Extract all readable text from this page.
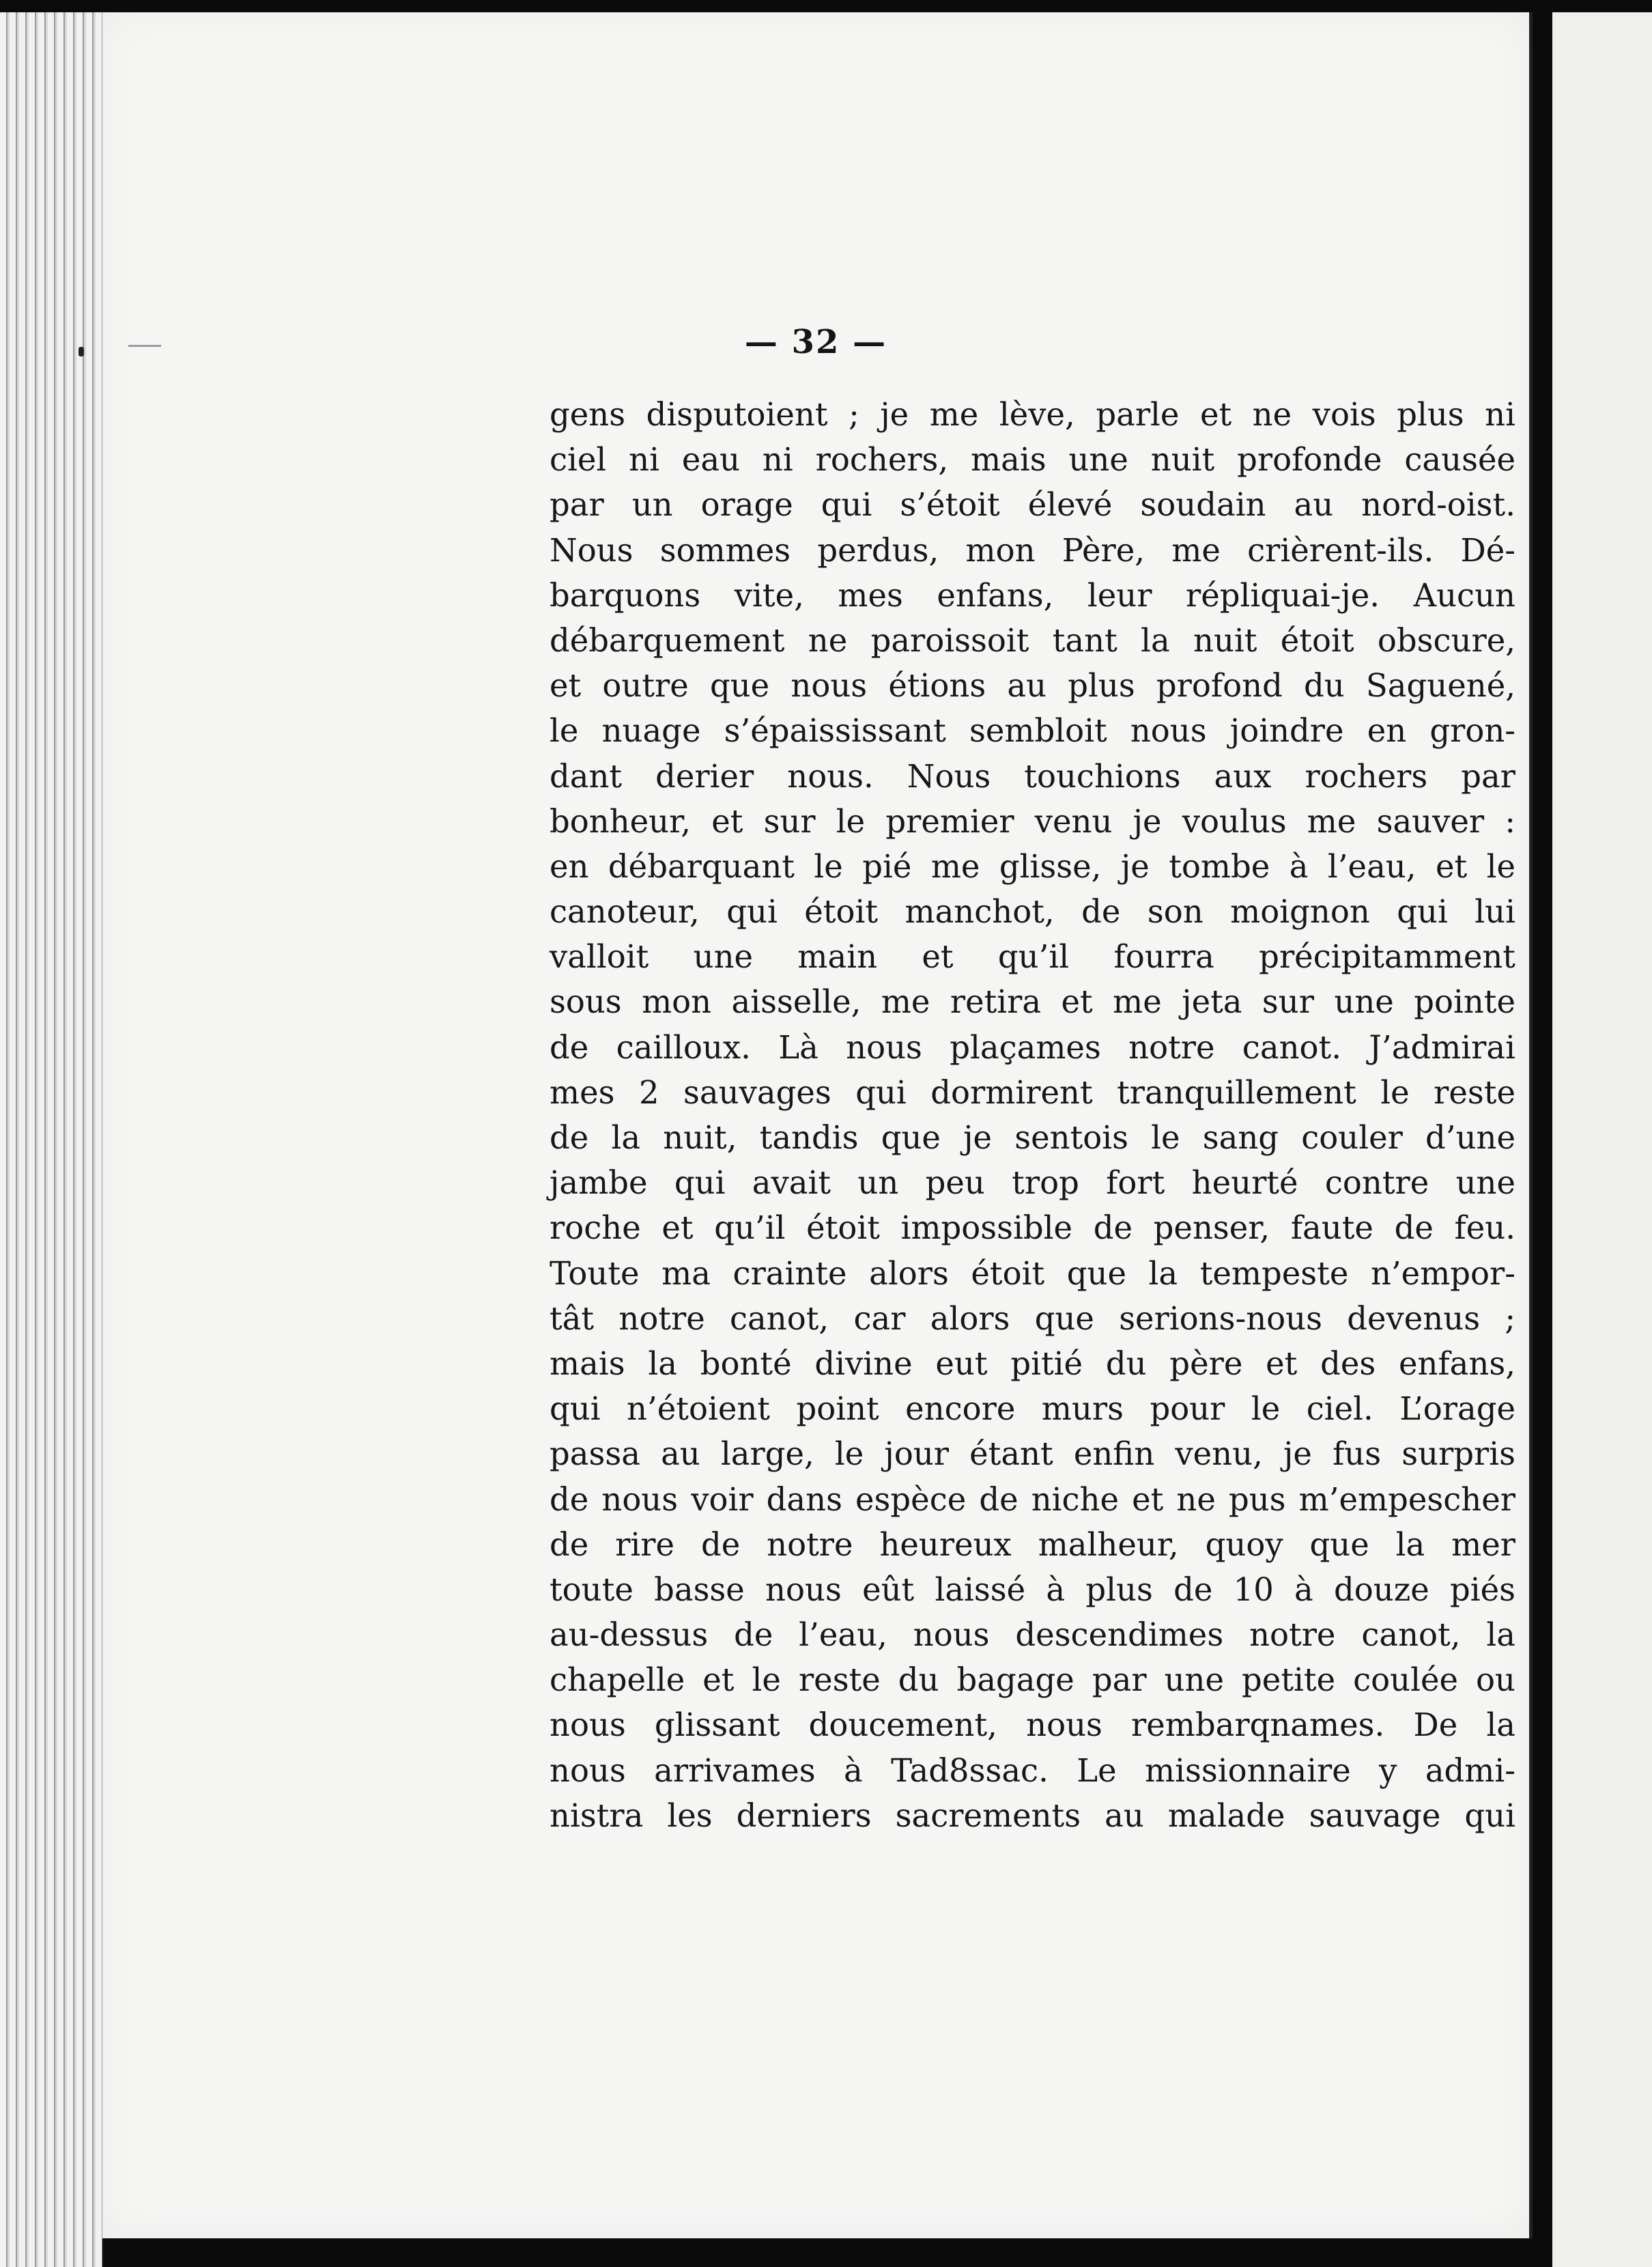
— 32 —
gens disputoient ; je me lève, parle et ne vois plus ni
ciel ni eau ni rochers, mais une nuit profonde causée
par un orage qui s’étoit élevé soudain au nord-oist.
Nous sommes perdus, mon Père, me crièrent-ils. Dé-
barquons vite, mes enfans, leur répliquai-je. Aucun
débarquement ne paroissoit tant la nuit étoit obscure,
et outre que nous étions au plus profond du Saguené,
le nuage s’épaississant sembloit nous joindre en gron-
dant derier nous. Nous touchions aux rochers par
bonheur, et sur le premier venu je voulus me sauver :
en débarquant le pié me glisse, je tombe à l’eau, et le
canoteur, qui étoit manchot, de son moignon qui lui
valloit une main et qu’il fourra précipitamment
sous mon aisselle, me retira et me jeta sur une pointe
de cailloux. Là nous plaçames notre canot. J’admirai
mes 2 sauvages qui dormirent tranquillement le reste
de la nuit, tandis que je sentois le sang couler d’une
jambe qui avait un peu trop fort heurté contre une
roche et qu’il étoit impossible de penser, faute de feu.
Toute ma crainte alors étoit que la tempeste n’empor-
tât notre canot, car alors que serions-nous devenus ;
mais la bonté divine eut pitié du père et des enfans,
qui n’étoient point encore murs pour le ciel. L’orage
passa au large, le jour étant enfin venu, je fus surpris
de nous voir dans espèce de niche et ne pus m’empescher
de rire de notre heureux malheur, quoy que la mer
toute basse nous eût laissé à plus de 10 à douze piés
au-dessus de l’eau, nous descendimes notre canot, la
chapelle et le reste du bagage par une petite coulée ou
nous glissant doucement, nous rembarqnames. De la
nous arrivames à Tad8ssac. Le missionnaire y admi-
nistra les derniers sacrements au malade sauvage qui
